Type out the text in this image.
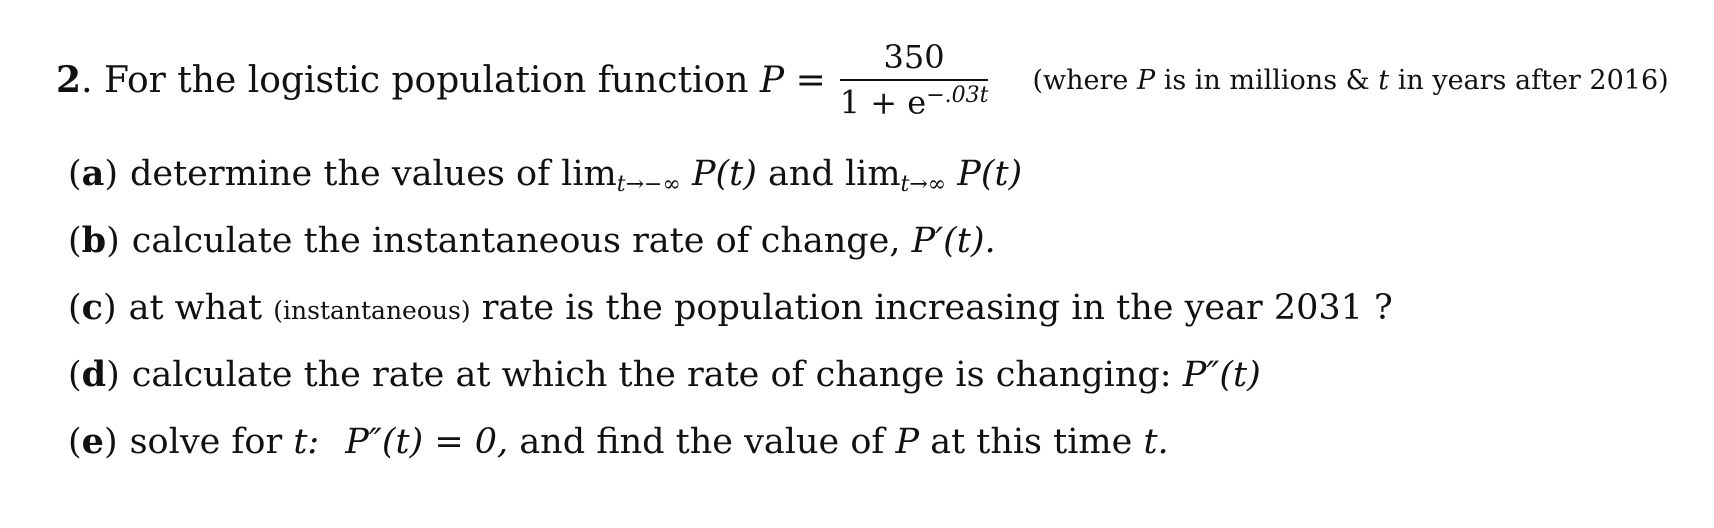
2 .
For the logistic population function
P
= $\frac{350}{1 + e^{-.03t}}$ (where P is in millions & t in years after 2016)
(a) determine the values of $\lim_{t\to-\infty} P(t)$ and $\lim_{t\to\infty} P(t)$
(b) calculate the instantaneous rate of change, P′(t).
(c) at what (instantaneous) rate is the population increasing in the year 2031 ?
(d) calculate the rate at which the rate of change is changing: P″(t)
(e) solve for t: P″(t) = 0, and find the value of P at this time t.
